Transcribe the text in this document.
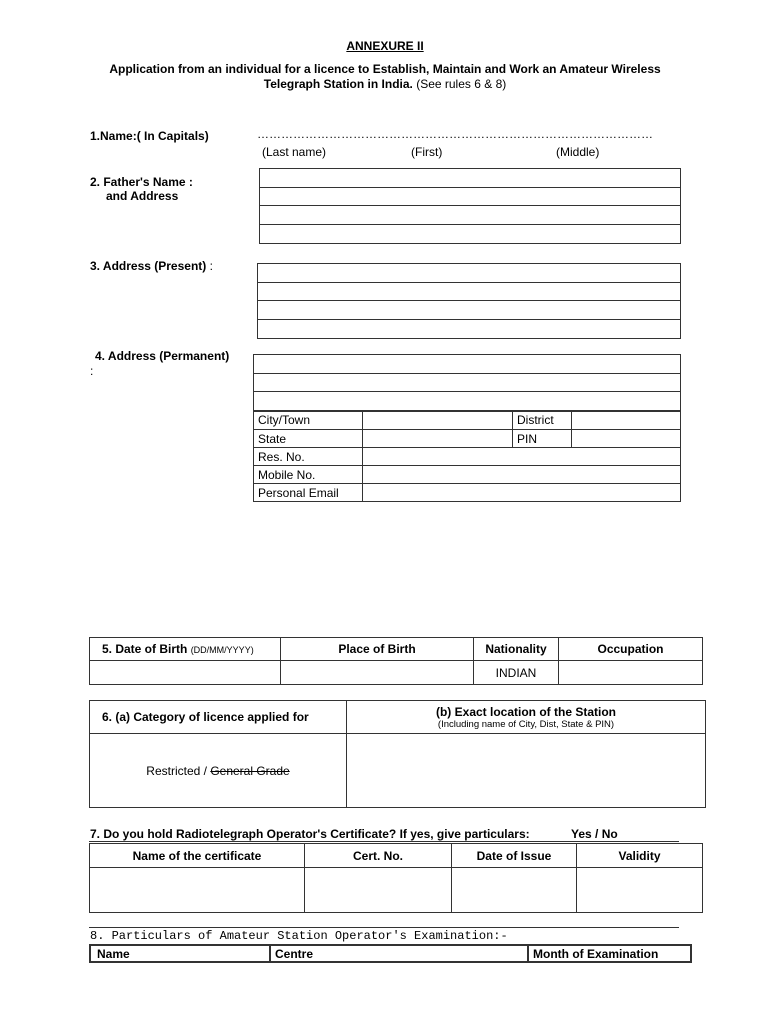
ANNEXURE II
Application from an individual for a licence to Establish, Maintain and Work an Amateur Wireless
Telegraph Station in India. (See rules 6 & 8)
1.Name:( In Capitals)	………………………………………………………………………………………
(Last name)	(First)	(Middle)
2. Father's Name :
and Address
3. Address (Present) :
4. Address (Permanent)
:
City/Town		District	
State		PIN	
Res. No.			
Mobile No.			
Personal Email			
5. Date of Birth (DD/MM/YYYY)	Place of Birth	Nationality	Occupation
		INDIAN	
6. (a) Category of licence applied for	(b) Exact location of the Station
(Including name of City, Dist, State & PIN)

Restricted / General Grade	
7. Do you hold Radiotelegraph Operator's Certificate? If yes, give particulars:	Yes / No
Name of the certificate	Cert. No.	Date of Issue	Validity

8. Particulars of Amateur Station Operator's Examination:-
Name	Centre	Month of Examination
